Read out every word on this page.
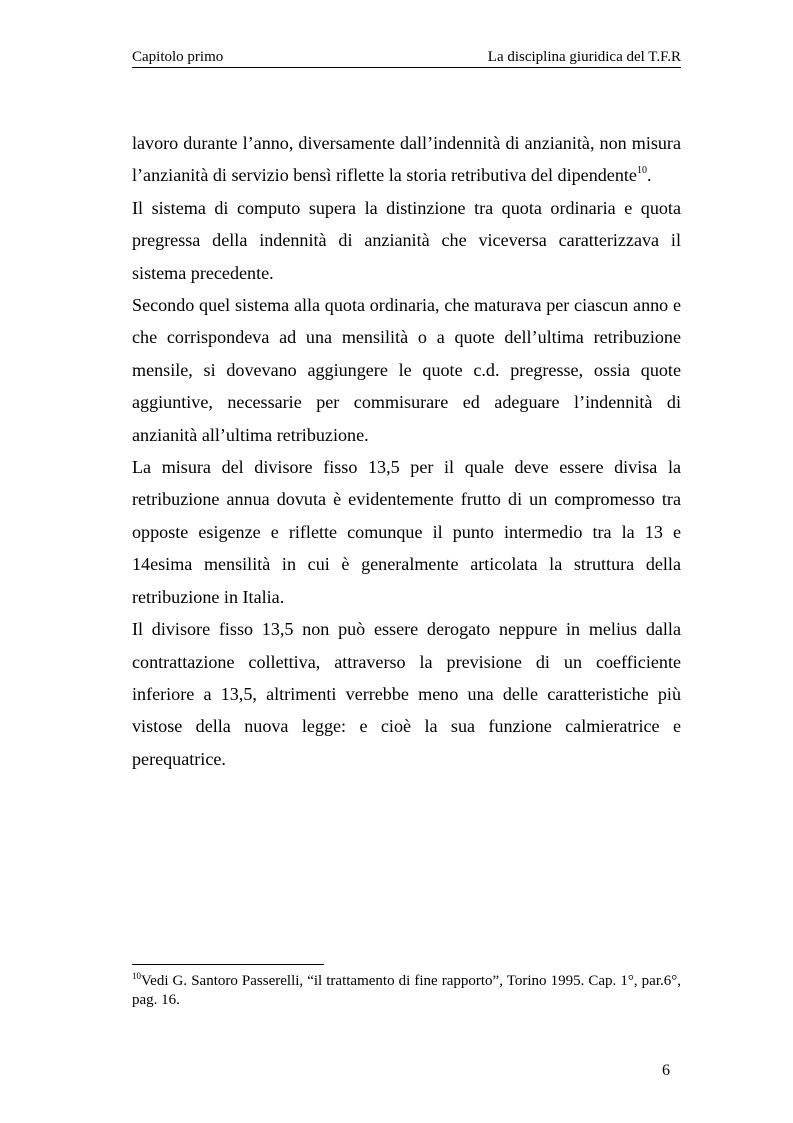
Capitolo primo	La disciplina giuridica del T.F.R

lavoro durante l’anno, diversamente dall’indennità di anzianità, non misura l’anzianità di servizio bensì riflette la storia retributiva del dipendente$^{10}$.

Il sistema di computo supera la distinzione tra quota ordinaria e quota pregressa della indennità di anzianità che viceversa caratterizzava il sistema precedente.

Secondo quel sistema alla quota ordinaria, che maturava per ciascun anno e che corrispondeva ad una mensilità o a quote dell’ultima retribuzione mensile, si dovevano aggiungere le quote c.d. pregresse, ossia quote aggiuntive, necessarie per commisurare ed adeguare l’indennità di anzianità all’ultima retribuzione.

La misura del divisore fisso 13,5 per il quale deve essere divisa la retribuzione annua dovuta è evidentemente frutto di un compromesso tra opposte esigenze e riflette comunque il punto intermedio tra la 13 e 14esima mensilità in cui è generalmente articolata la struttura della retribuzione in Italia.

Il divisore fisso 13,5 non può essere derogato neppure in melius dalla contrattazione collettiva, attraverso la previsione di un coefficiente inferiore a 13,5, altrimenti verrebbe meno una delle caratteristiche più vistose della nuova legge: e cioè la sua funzione calmieratrice e perequatrice.

$^{10}$Vedi G. Santoro Passerelli, “il trattamento di fine rapporto”, Torino 1995. Cap. 1°, par.6°, pag. 16.
6
